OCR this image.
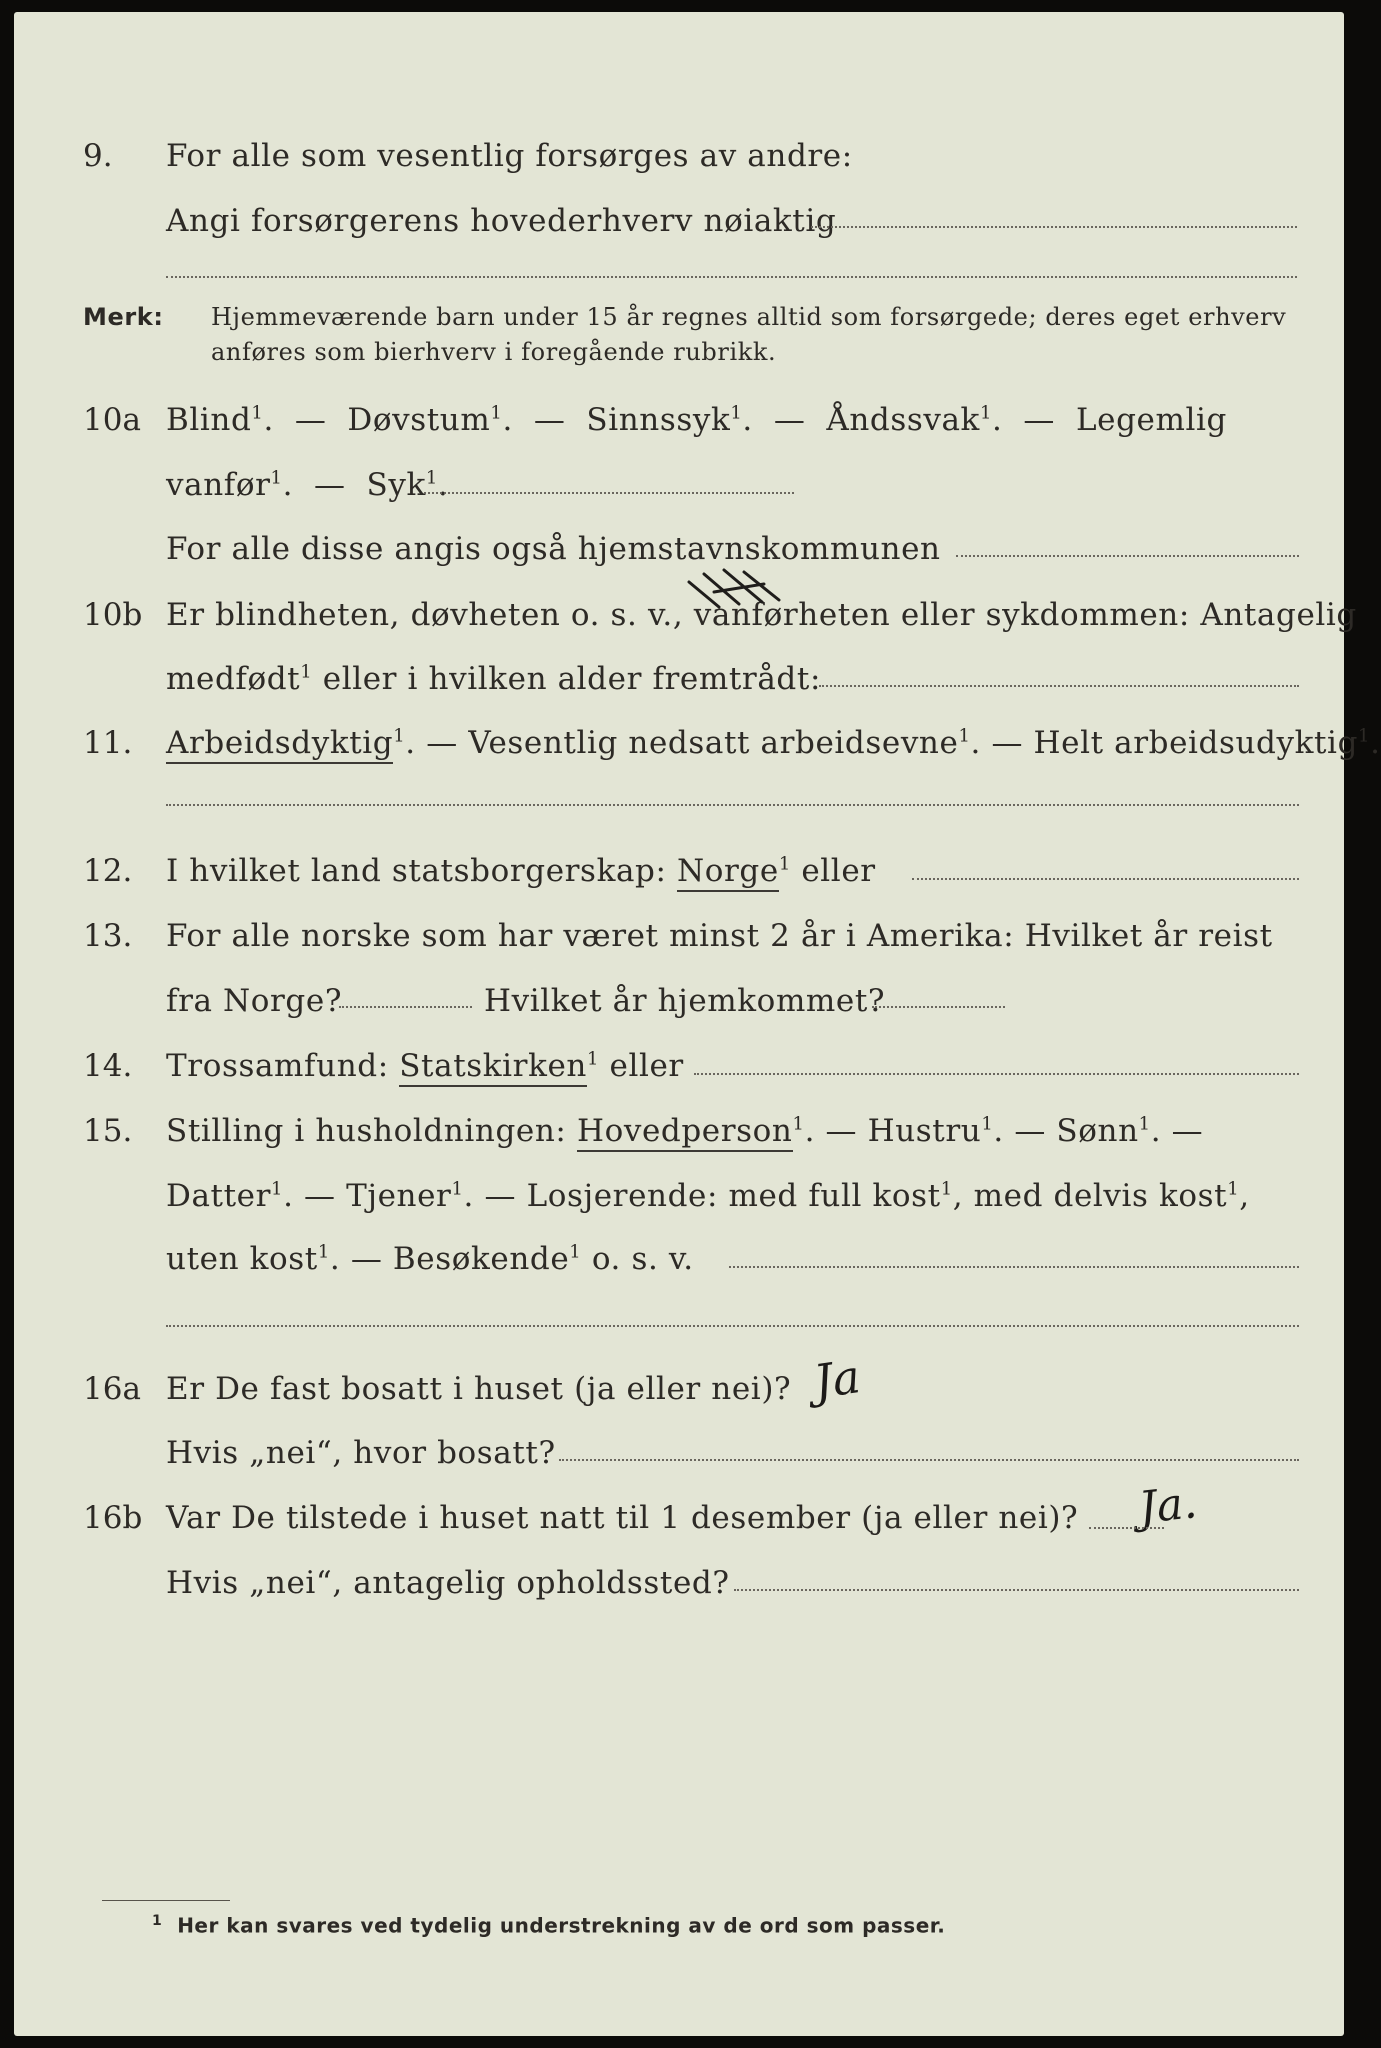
9. For alle som vesentlig forsørges av andre:
Angi forsørgerens hovederhverv nøiaktig
Merk: Hjemmeværende barn under 15 år regnes alltid som forsørgede; deres eget erhverv
anføres som bierhverv i foregående rubrikk.
10a Blind$^1$. — Døvstum$^1$. — Sinnssyk$^1$. — Åndssvak$^1$. — Legemlig
vanfør$^1$. — Syk$^1$.
For alle disse angis også hjemstavnskommunen
10b Er blindheten, døvheten o. s. v., vanførheten eller sykdommen: Antagelig
medfødt$^1$ eller i hvilken alder fremtrådt:
11. Arbeidsdyktig$^1$. — Vesentlig nedsatt arbeidsevne$^1$. — Helt arbeidsudyktig$^1$.
12. I hvilket land statsborgerskap: Norge$^1$ eller
13. For alle norske som har været minst 2 år i Amerika: Hvilket år reist
fra Norge?	Hvilket år hjemkommet?
14. Trossamfund: Statskirken$^1$ eller
15. Stilling i husholdningen: Hovedperson$^1$. — Hustru$^1$. — Sønn$^1$. —
Datter$^1$. — Tjener$^1$. — Losjerende: med full kost$^1$, med delvis kost$^1$,
uten kost$^1$. — Besøkende$^1$ o. s. v.
16a Er De fast bosatt i huset (ja eller nei)? Ja
Hvis „nei“, hvor bosatt?
16b Var De tilstede i huset natt til 1 desember (ja eller nei)? Ja.
Hvis „nei“, antagelig opholdssted?
$^1$ Her kan svares ved tydelig understrekning av de ord som passer.
